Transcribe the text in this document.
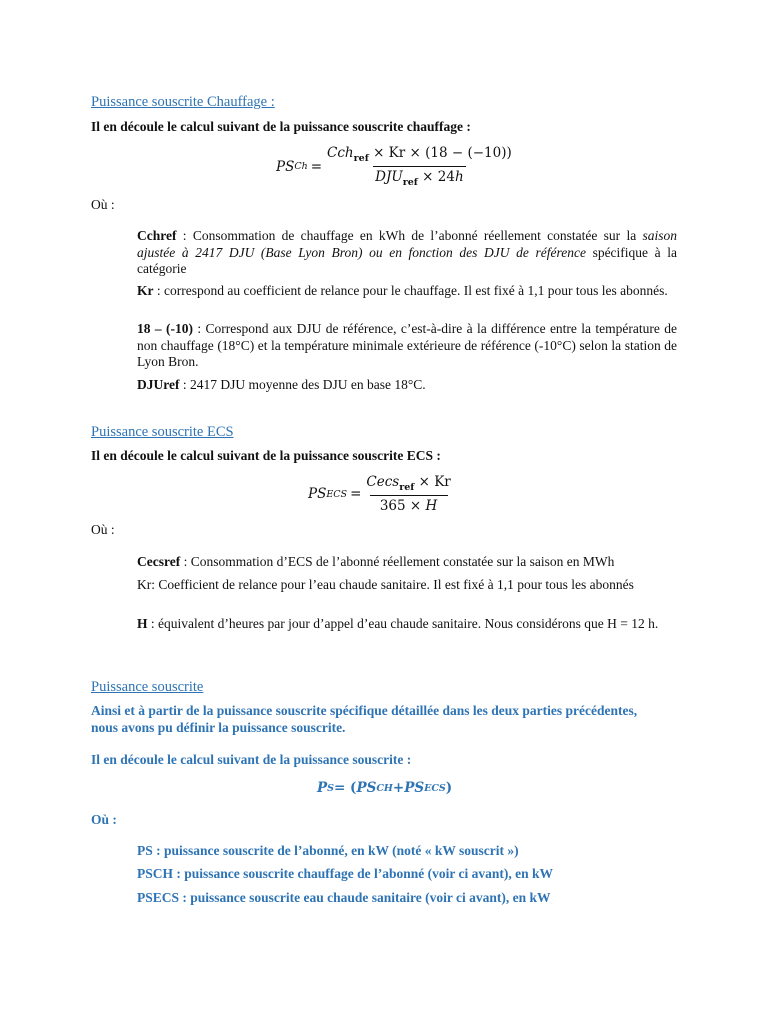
Puissance souscrite Chauffage :
Il en découle le calcul suivant de la puissance souscrite chauffage :
PS $Ch = \frac{Cch_{ref} \times Kr \times (18 - (-10))}{DJU_{ref} \times 24h}$
Où :
Cchref : Consommation de chauffage en kWh de l’abonné réellement constatée sur la saison ajustée à 2417 DJU (Base Lyon Bron) ou en fonction des DJU de référence spécifique à la catégorie
Kr : correspond au coefficient de relance pour le chauffage. Il est fixé à 1,1 pour tous les abonnés.
18 – (-10) : Correspond aux DJU de référence, c’est-à-dire à la différence entre la température de non chauffage (18°C) et la température minimale extérieure de référence (-10°C) selon la station de Lyon Bron.
DJUref : 2417 DJU moyenne des DJU en base 18°C.
Puissance souscrite ECS
Il en découle le calcul suivant de la puissance souscrite ECS :
PS ECS = $\frac{Cecs_{ref} \times Kr}{365 \times H}$
Où :
Cecsref : Consommation d’ECS de l’abonné réellement constatée sur la saison en MWh
Kr: Coefficient de relance pour l’eau chaude sanitaire. Il est fixé à 1,1 pour tous les abonnés
H : équivalent d’heures par jour d’appel d’eau chaude sanitaire. Nous considérons que H = 12 h.
Puissance souscrite
Ainsi et à partir de la puissance souscrite spécifique détaillée dans les deux parties précédentes, nous avons pu définir la puissance souscrite.
Il en découle le calcul suivant de la puissance souscrite :
P S = ( PS CH + PS ECS )
Où :
PS : puissance souscrite de l’abonné, en kW (noté « kW souscrit »)
PSCH : puissance souscrite chauffage de l’abonné (voir ci avant), en kW
PSECS : puissance souscrite eau chaude sanitaire (voir ci avant), en kW
